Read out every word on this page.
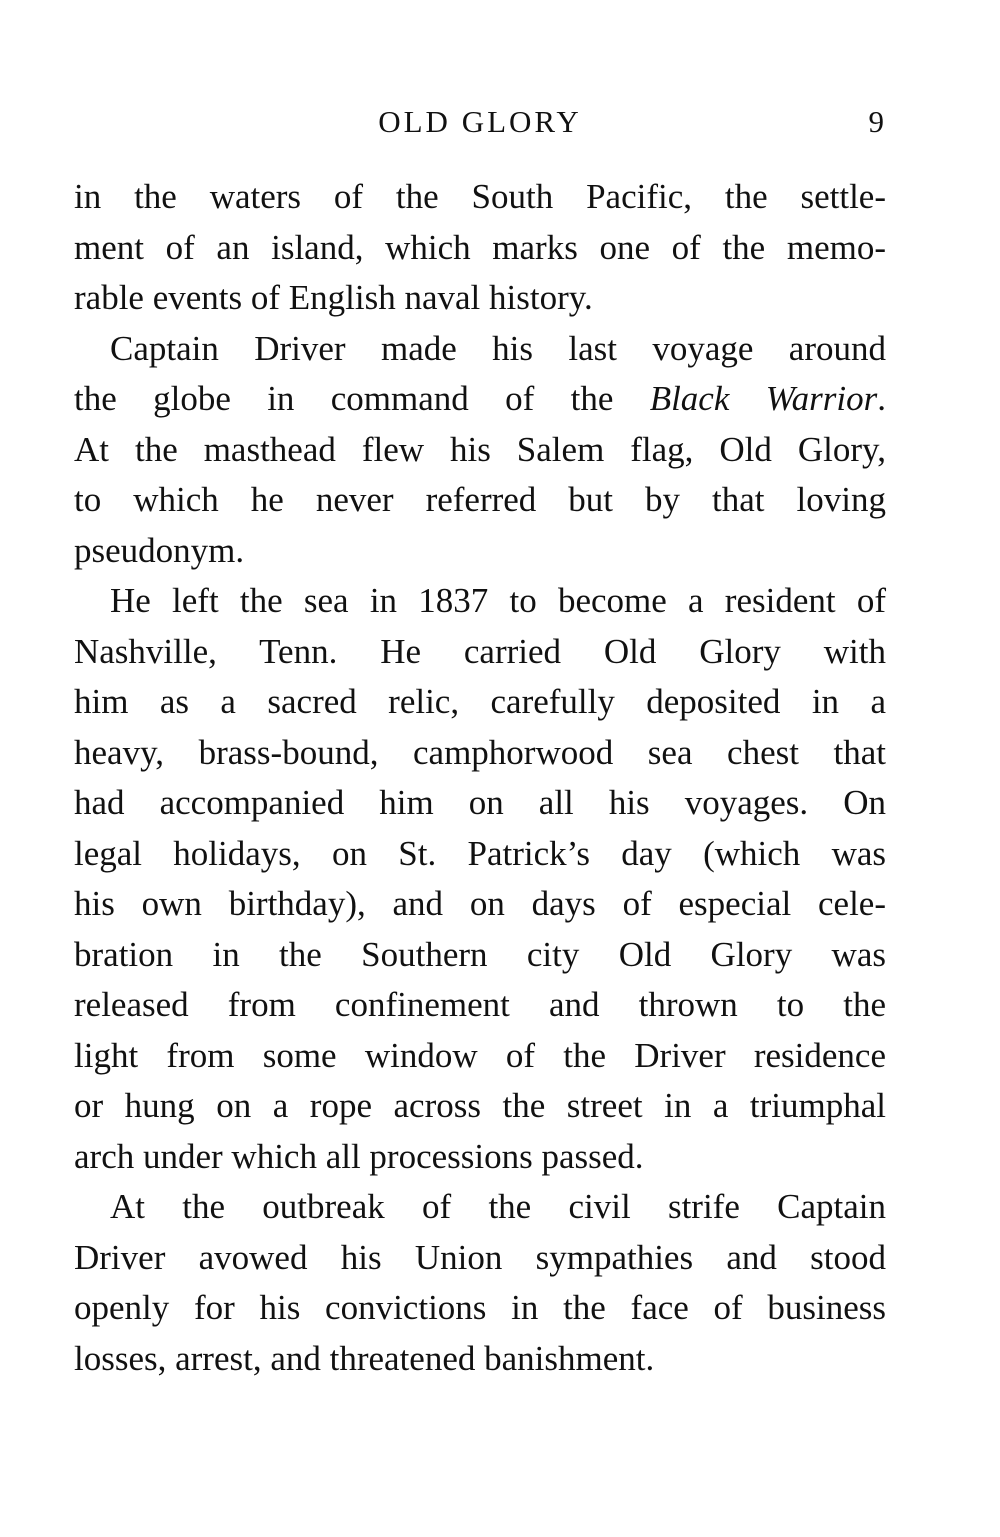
OLD GLORY	9
in the waters of the South Pacific, the settle-
ment of an island, which marks one of the memo-
rable events of English naval history.
Captain Driver made his last voyage around
the globe in command of the Black Warrior.
At the masthead flew his Salem flag, Old Glory,
to which he never referred but by that loving
pseudonym.
He left the sea in 1837 to become a resident of
Nashville, Tenn. He carried Old Glory with
him as a sacred relic, carefully deposited in a
heavy, brass-bound, camphorwood sea chest that
had accompanied him on all his voyages. On
legal holidays, on St. Patrick’s day (which was
his own birthday), and on days of especial cele-
bration in the Southern city Old Glory was
released from confinement and thrown to the
light from some window of the Driver residence
or hung on a rope across the street in a triumphal
arch under which all processions passed.
At the outbreak of the civil strife Captain
Driver avowed his Union sympathies and stood
openly for his convictions in the face of business
losses, arrest, and threatened banishment.
